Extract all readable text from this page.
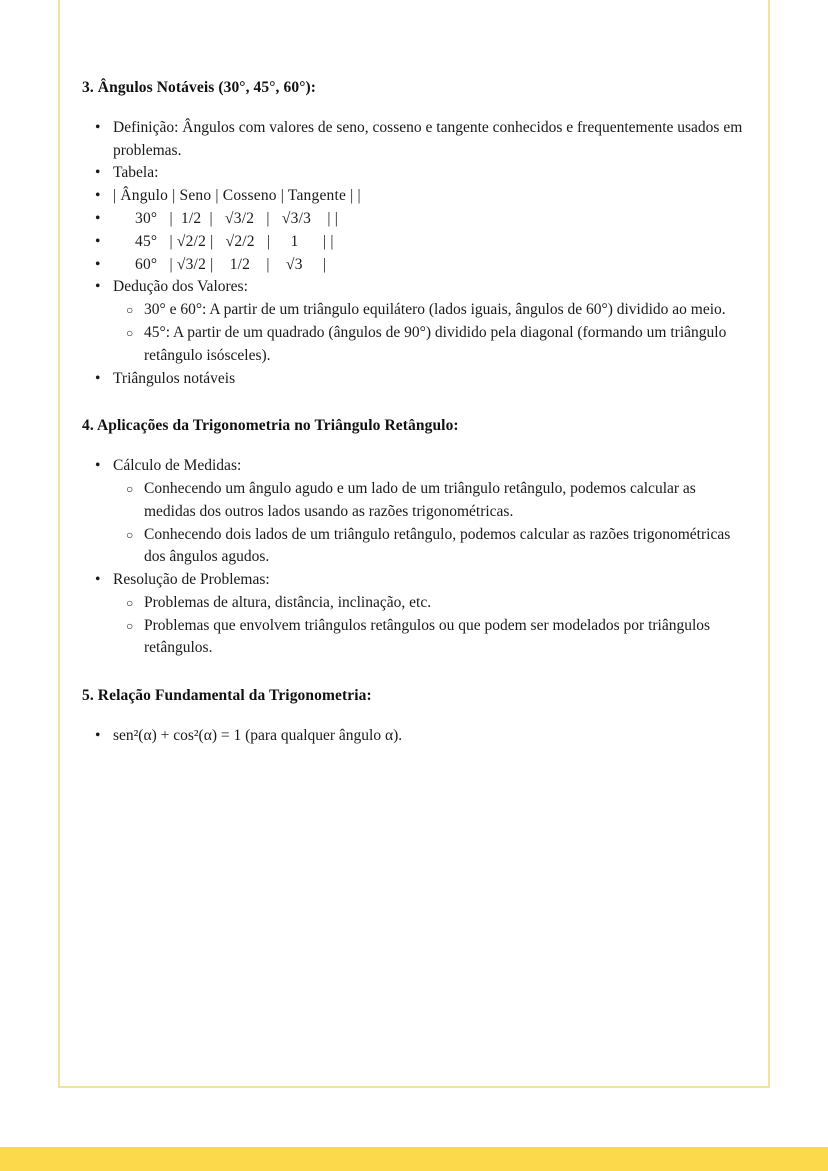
3. Ângulos Notáveis (30°, 45°, 60°):
• Definição: Ângulos com valores de seno, cosseno e tangente conhecidos e frequentemente usados em problemas.
• Tabela:
• | Ângulo | Seno | Cosseno | Tangente | |
•	30°   |  1/2  |   √3/2   |   √3/3    | |
•	45°   | √2/2 |   √2/2   |     1      | |
•	60°   | √3/2 |    1/2    |    √3     |
• Dedução dos Valores:
○ 30° e 60°: A partir de um triângulo equilátero (lados iguais, ângulos de 60°) dividido ao meio.
○ 45°: A partir de um quadrado (ângulos de 90°) dividido pela diagonal (formando um triângulo retângulo isósceles).
• Triângulos notáveis
4. Aplicações da Trigonometria no Triângulo Retângulo:
• Cálculo de Medidas:
○ Conhecendo um ângulo agudo e um lado de um triângulo retângulo, podemos calcular as medidas dos outros lados usando as razões trigonométricas.
○ Conhecendo dois lados de um triângulo retângulo, podemos calcular as razões trigonométricas dos ângulos agudos.
• Resolução de Problemas:
○ Problemas de altura, distância, inclinação, etc.
○ Problemas que envolvem triângulos retângulos ou que podem ser modelados por triângulos retângulos.
5. Relação Fundamental da Trigonometria:
• sen²(α) + cos²(α) = 1 (para qualquer ângulo α).
